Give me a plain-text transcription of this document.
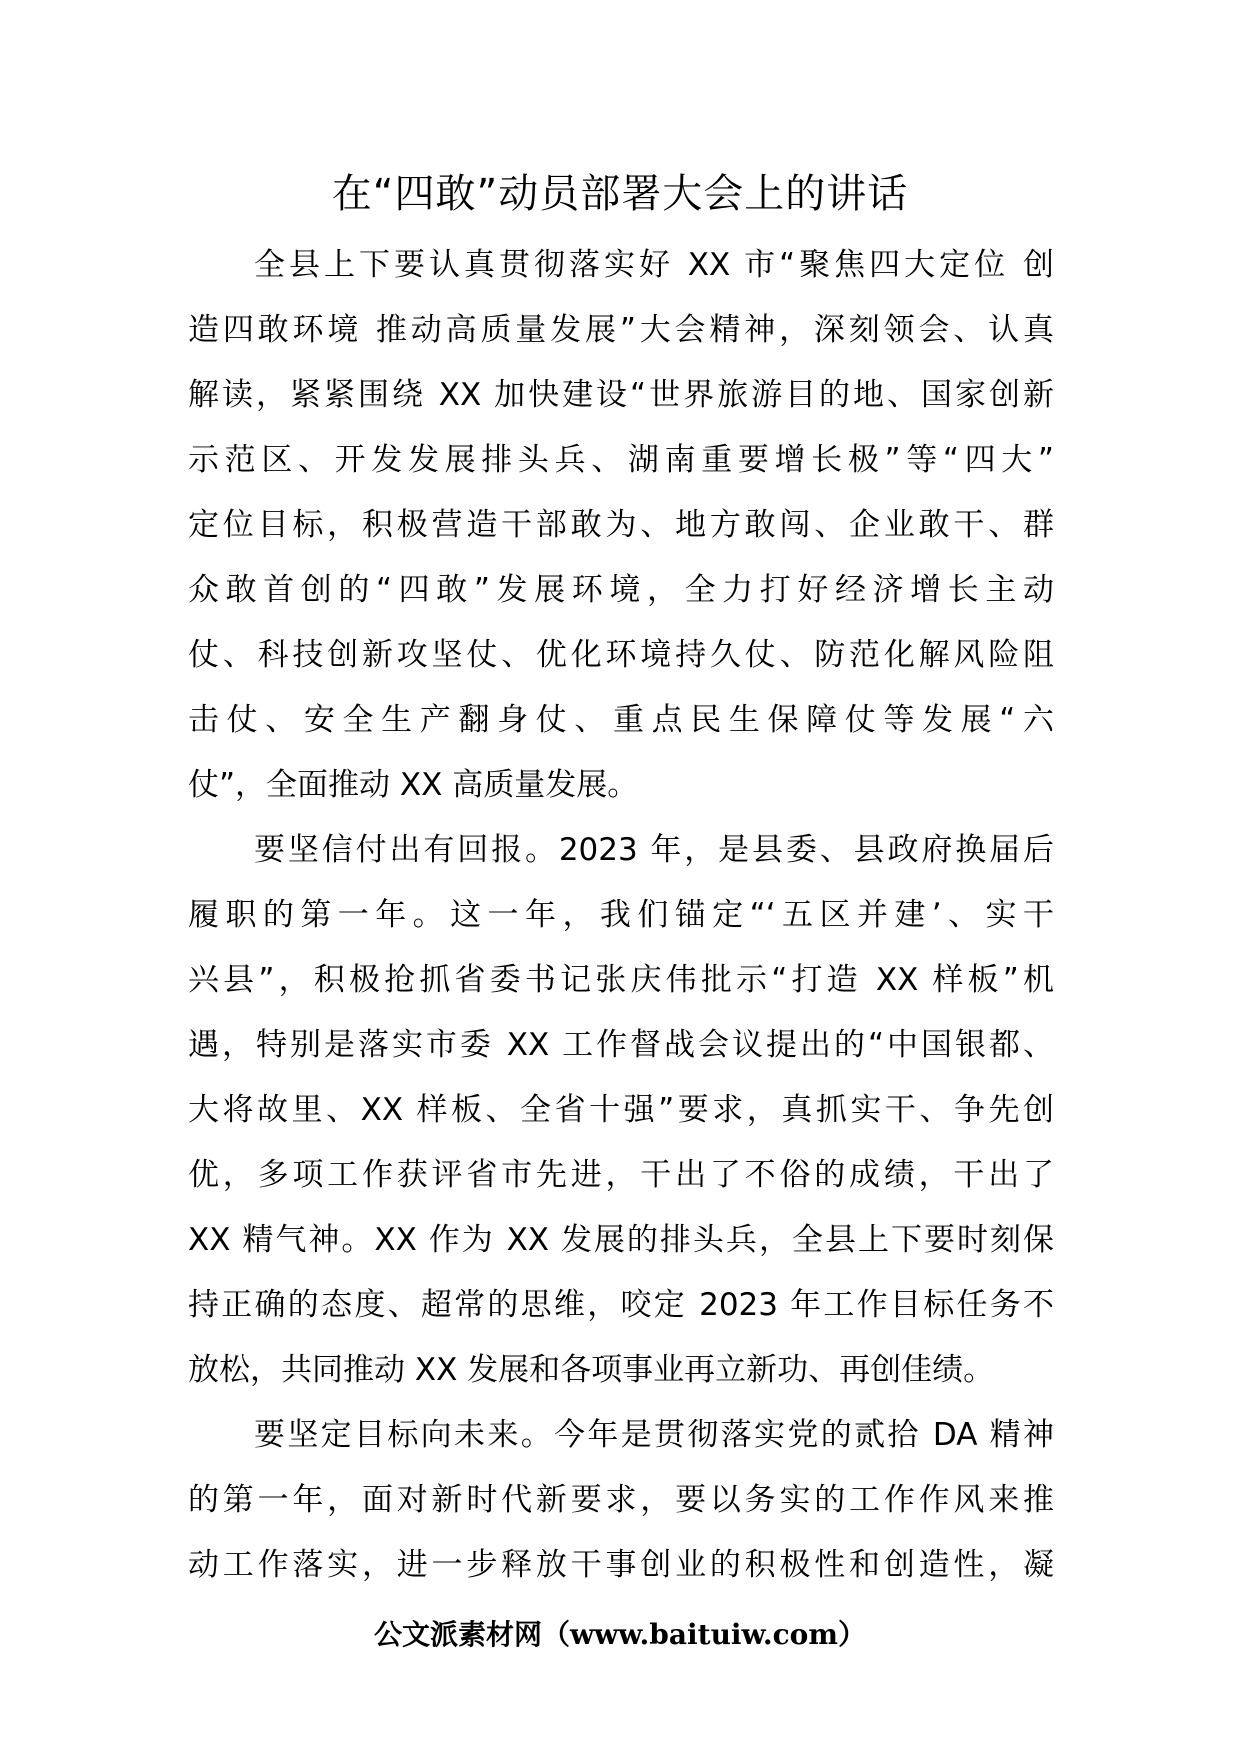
在“四敢”动员部署大会上的讲话
全县上下要认真贯彻落实好 XX 市“聚焦四大定位 创
造四敢环境 推动高质量发展”大会精神，深刻领会、认真
解读，紧紧围绕 XX 加快建设“世界旅游目的地、国家创新
示范区、开发发展排头兵、湖南重要增长极”等“四大”
定位目标，积极营造干部敢为、地方敢闯、企业敢干、群
众敢首创的“四敢”发展环境，全力打好经济增长主动
仗、科技创新攻坚仗、优化环境持久仗、防范化解风险阻
击仗、安全生产翻身仗、重点民生保障仗等发展“六
仗”，全面推动 XX 高质量发展。
要坚信付出有回报。2023 年，是县委、县政府换届后
履职的第一年。这一年，我们锚定“‘五区并建’、实干
兴县”，积极抢抓省委书记张庆伟批示“打造 XX 样板”机
遇，特别是落实市委 XX 工作督战会议提出的“中国银都、
大将故里、XX 样板、全省十强”要求，真抓实干、争先创
优，多项工作获评省市先进，干出了不俗的成绩，干出了
XX 精气神。XX 作为 XX 发展的排头兵，全县上下要时刻保
持正确的态度、超常的思维，咬定 2023 年工作目标任务不
放松，共同推动 XX 发展和各项事业再立新功、再创佳绩。
要坚定目标向未来。今年是贯彻落实党的贰拾 DA 精神
的第一年，面对新时代新要求，要以务实的工作作风来推
动工作落实，进一步释放干事创业的积极性和创造性，凝
公文派素材网（www.baituiw.com）
